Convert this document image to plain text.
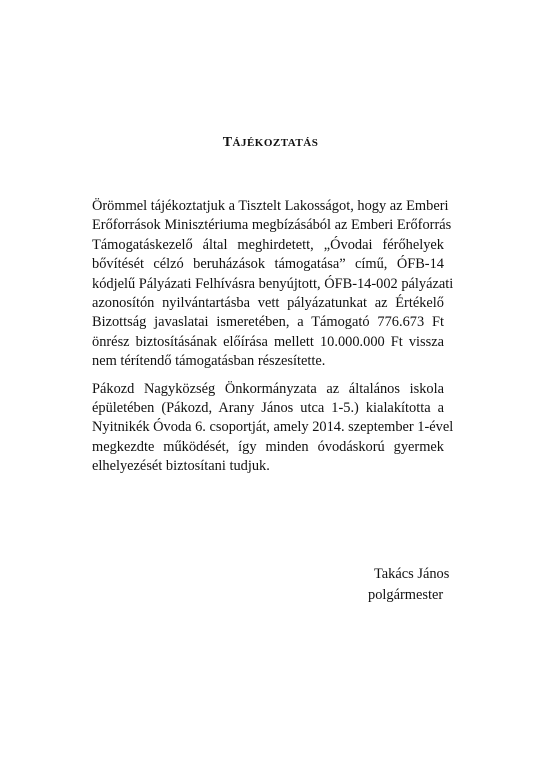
TÁJÉKOZTATÁS

Örömmel tájékoztatjuk a Tisztelt Lakosságot, hogy az Emberi
Erőforrások Minisztériuma megbízásából az Emberi Erőforrás
Támogatáskezelő által meghirdetett, „Óvodai férőhelyek
bővítését célzó beruházások támogatása” című, ÓFB-14
kódjelű Pályázati Felhívásra benyújtott, ÓFB-14-002 pályázati
azonosítón nyilvántartásba vett pályázatunkat az Értékelő
Bizottság javaslatai ismeretében, a Támogató 776.673 Ft
önrész biztosításának előírása mellett 10.000.000 Ft vissza
nem térítendő támogatásban részesítette.

Pákozd Nagyközség Önkormányzata az általános iskola
épületében (Pákozd, Arany János utca 1-5.) kialakította a
Nyitnikék Óvoda 6. csoportját, amely 2014. szeptember 1-ével
megkezdte működését, így minden óvodáskorú gyermek
elhelyezését biztosítani tudjuk.

Takács János
polgármester
